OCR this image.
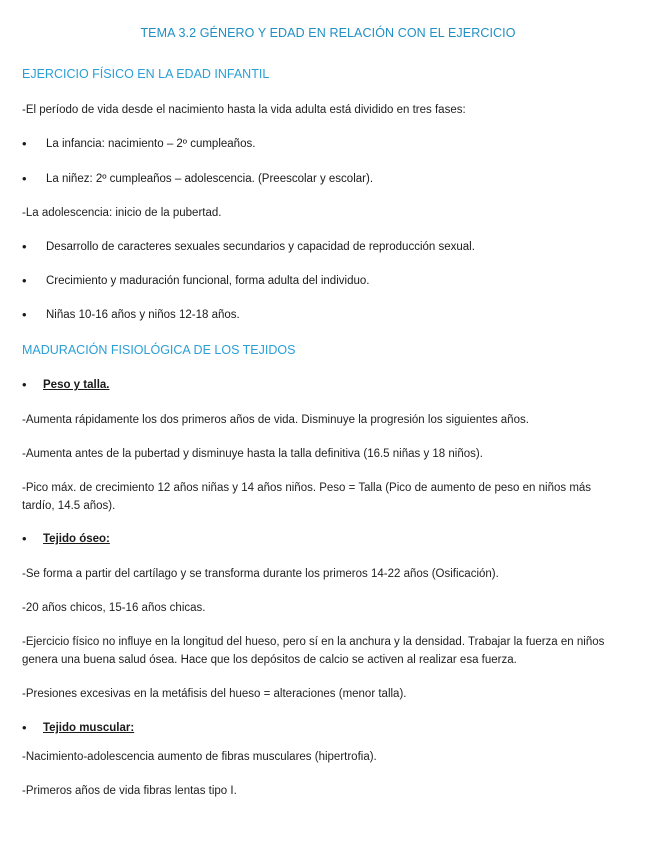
TEMA 3.2 GÉNERO Y EDAD EN RELACIÓN CON EL EJERCICIO
EJERCICIO FÍSICO EN LA EDAD INFANTIL
-El período de vida desde el nacimiento hasta la vida adulta está dividido en tres fases:
• La infancia: nacimiento – 2º cumpleaños.
• La niñez: 2º cumpleaños – adolescencia. (Preescolar y escolar).
-La adolescencia: inicio de la pubertad.
• Desarrollo de caracteres sexuales secundarios y capacidad de reproducción sexual.
• Crecimiento y maduración funcional, forma adulta del individuo.
• Niñas 10-16 años y niños 12-18 años.
MADURACIÓN FISIOLÓGICA DE LOS TEJIDOS
• Peso y talla.
-Aumenta rápidamente los dos primeros años de vida. Disminuye la progresión los siguientes años.
-Aumenta antes de la pubertad y disminuye hasta la talla definitiva (16.5 niñas y 18 niños).
-Pico máx. de crecimiento 12 años niñas y 14 años niños. Peso = Talla (Pico de aumento de peso en niños más tardío, 14.5 años).
• Tejido óseo:
-Se forma a partir del cartílago y se transforma durante los primeros 14-22 años (Osificación).
-20 años chicos, 15-16 años chicas.
-Ejercicio físico no influye en la longitud del hueso, pero sí en la anchura y la densidad. Trabajar la fuerza en niños genera una buena salud ósea. Hace que los depósitos de calcio se activen al realizar esa fuerza.
-Presiones excesivas en la metáfisis del hueso = alteraciones (menor talla).
• Tejido muscular:
-Nacimiento-adolescencia aumento de fibras musculares (hipertrofia).
-Primeros años de vida fibras lentas tipo I.
